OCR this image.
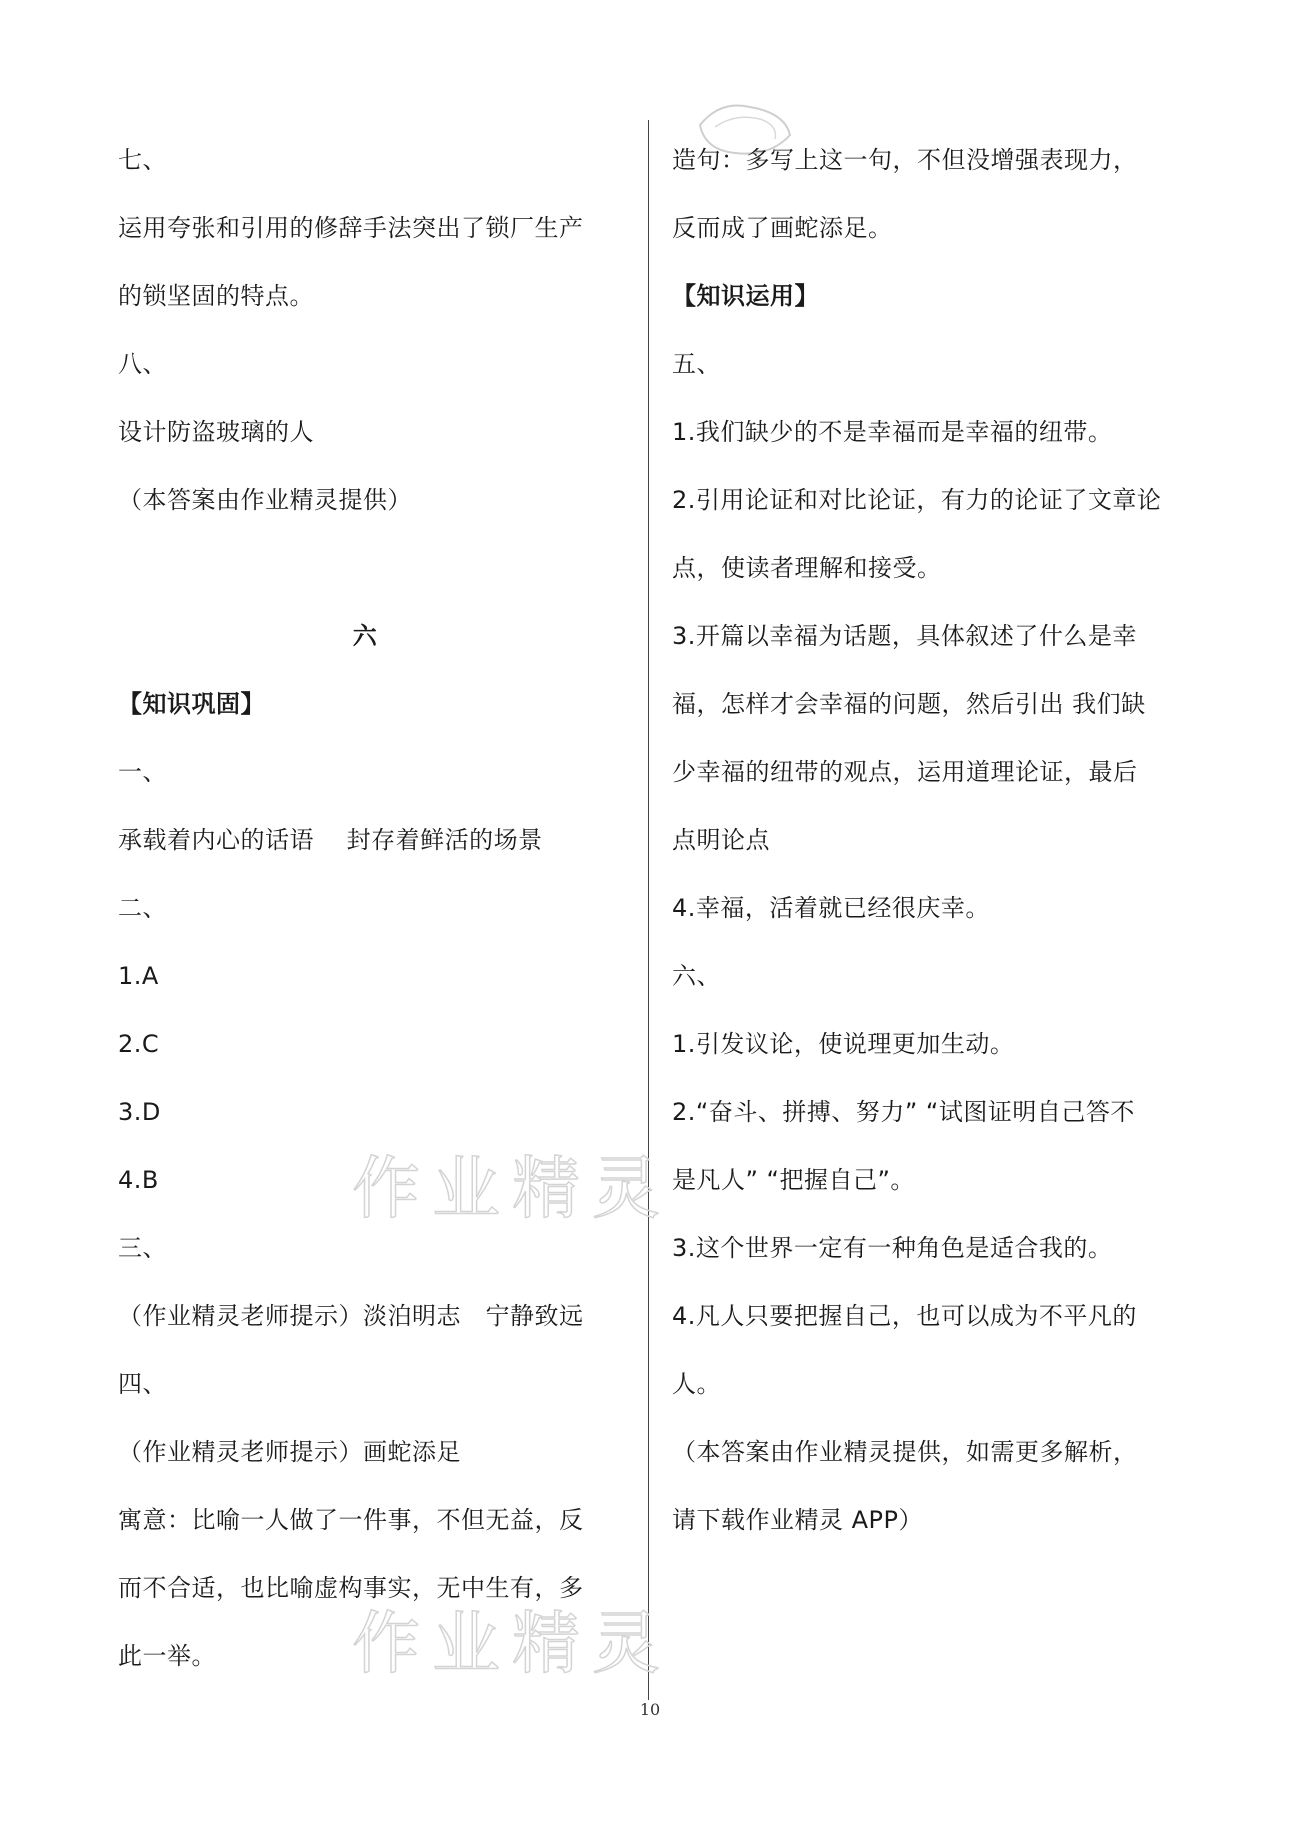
七、
运用夸张和引用的修辞手法突出了锁厂生产
的锁坚固的特点。
八、
设计防盗玻璃的人
（本答案由作业精灵提供）
六
【知识巩固】
一、
承载着内心的话语　 封存着鲜活的场景
二、
1.A
2.C
3.D
4.B
三、
（作业精灵老师提示）淡泊明志　宁静致远
四、
（作业精灵老师提示）画蛇添足
寓意：比喻一人做了一件事，不但无益，反
而不合适，也比喻虚构事实，无中生有，多
此一举。
造句：多写上这一句，不但没增强表现力，
反而成了画蛇添足。
【知识运用】
五、
1.我们缺少的不是幸福而是幸福的纽带。
2.引用论证和对比论证，有力的论证了文章论
点，使读者理解和接受。
3.开篇以幸福为话题，具体叙述了什么是幸
福，怎样才会幸福的问题，然后引出 我们缺
少幸福的纽带的观点，运用道理论证，最后
点明论点
4.幸福，活着就已经很庆幸。
六、
1.引发议论，使说理更加生动。
2.“奋斗、拼搏、努力” “试图证明自己答不
是凡人” “把握自己”。
3.这个世界一定有一种角色是适合我的。
4.凡人只要把握自己，也可以成为不平凡的
人。
（本答案由作业精灵提供，如需更多解析，
请下载作业精灵 APP）
作业精灵
作业精灵
10
